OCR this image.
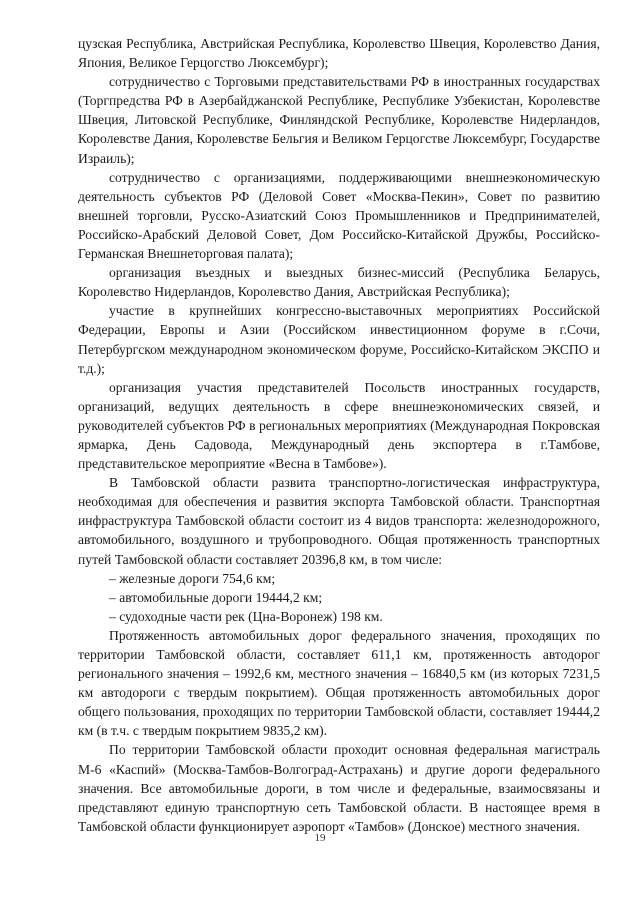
цузская Республика, Австрийская Республика, Королевство Швеция, Королевство Дания, Япония, Великое Герцогство Люксембург);

сотрудничество с Торговыми представительствами РФ в иностранных государствах (Торгпредства РФ в Азербайджанской Республике, Республике Узбекистан, Королевстве Швеция, Литовской Республике, Финляндской Республике, Королевстве Нидерландов, Королевстве Дания, Королевстве Бельгия и Великом Герцогстве Люксембург, Государстве Израиль);

сотрудничество с организациями, поддерживающими внешнеэкономическую деятельность субъектов РФ (Деловой Совет «Москва-Пекин», Совет по развитию внешней торговли, Русско-Азиатский Союз Промышленников и Предпринимателей, Российско-Арабский Деловой Совет, Дом Российско-Китайской Дружбы, Российско-Германская Внешнеторговая палата);

организация въездных и выездных бизнес-миссий (Республика Беларусь, Королевство Нидерландов, Королевство Дания, Австрийская Республика);

участие в крупнейших конгрессно-выставочных мероприятиях Российской Федерации, Европы и Азии (Российском инвестиционном форуме в г.Сочи, Петербургском международном экономическом форуме, Российско-Китайском ЭКСПО и т.д.);

организация участия представителей Посольств иностранных государств, организаций, ведущих деятельность в сфере внешнеэкономических связей, и руководителей субъектов РФ в региональных мероприятиях (Международная Покровская ярмарка, День Садовода, Международный день экспортера в г.Тамбове, представительское мероприятие «Весна в Тамбове»).

В Тамбовской области развита транспортно-логистическая инфраструктура, необходимая для обеспечения и развития экспорта Тамбовской области. Транспортная инфраструктура Тамбовской области состоит из 4 видов транспорта: железнодорожного, автомобильного, воздушного и трубопроводного. Общая протяженность транспортных путей Тамбовской области составляет 20396,8 км, в том числе:

– железные дороги 754,6 км;

– автомобильные дороги 19444,2 км;

– судоходные части рек (Цна-Воронеж) 198 км.

Протяженность автомобильных дорог федерального значения, проходящих по территории Тамбовской области, составляет 611,1 км, протяженность автодорог регионального значения – 1992,6 км, местного значения – 16840,5 км (из которых 7231,5 км автодороги с твердым покрытием). Общая протяженность автомобильных дорог общего пользования, проходящих по территории Тамбовской области, составляет 19444,2 км (в т.ч. с твердым покрытием 9835,2 км).

По территории Тамбовской области проходит основная федеральная магистраль М-6 «Каспий» (Москва-Тамбов-Волгоград-Астрахань) и другие дороги федерального значения. Все автомобильные дороги, в том числе и федеральные, взаимосвязаны и представляют единую транспортную сеть Тамбовской области. В настоящее время в Тамбовской области функционирует аэропорт «Тамбов» (Донское) местного значения.

19
